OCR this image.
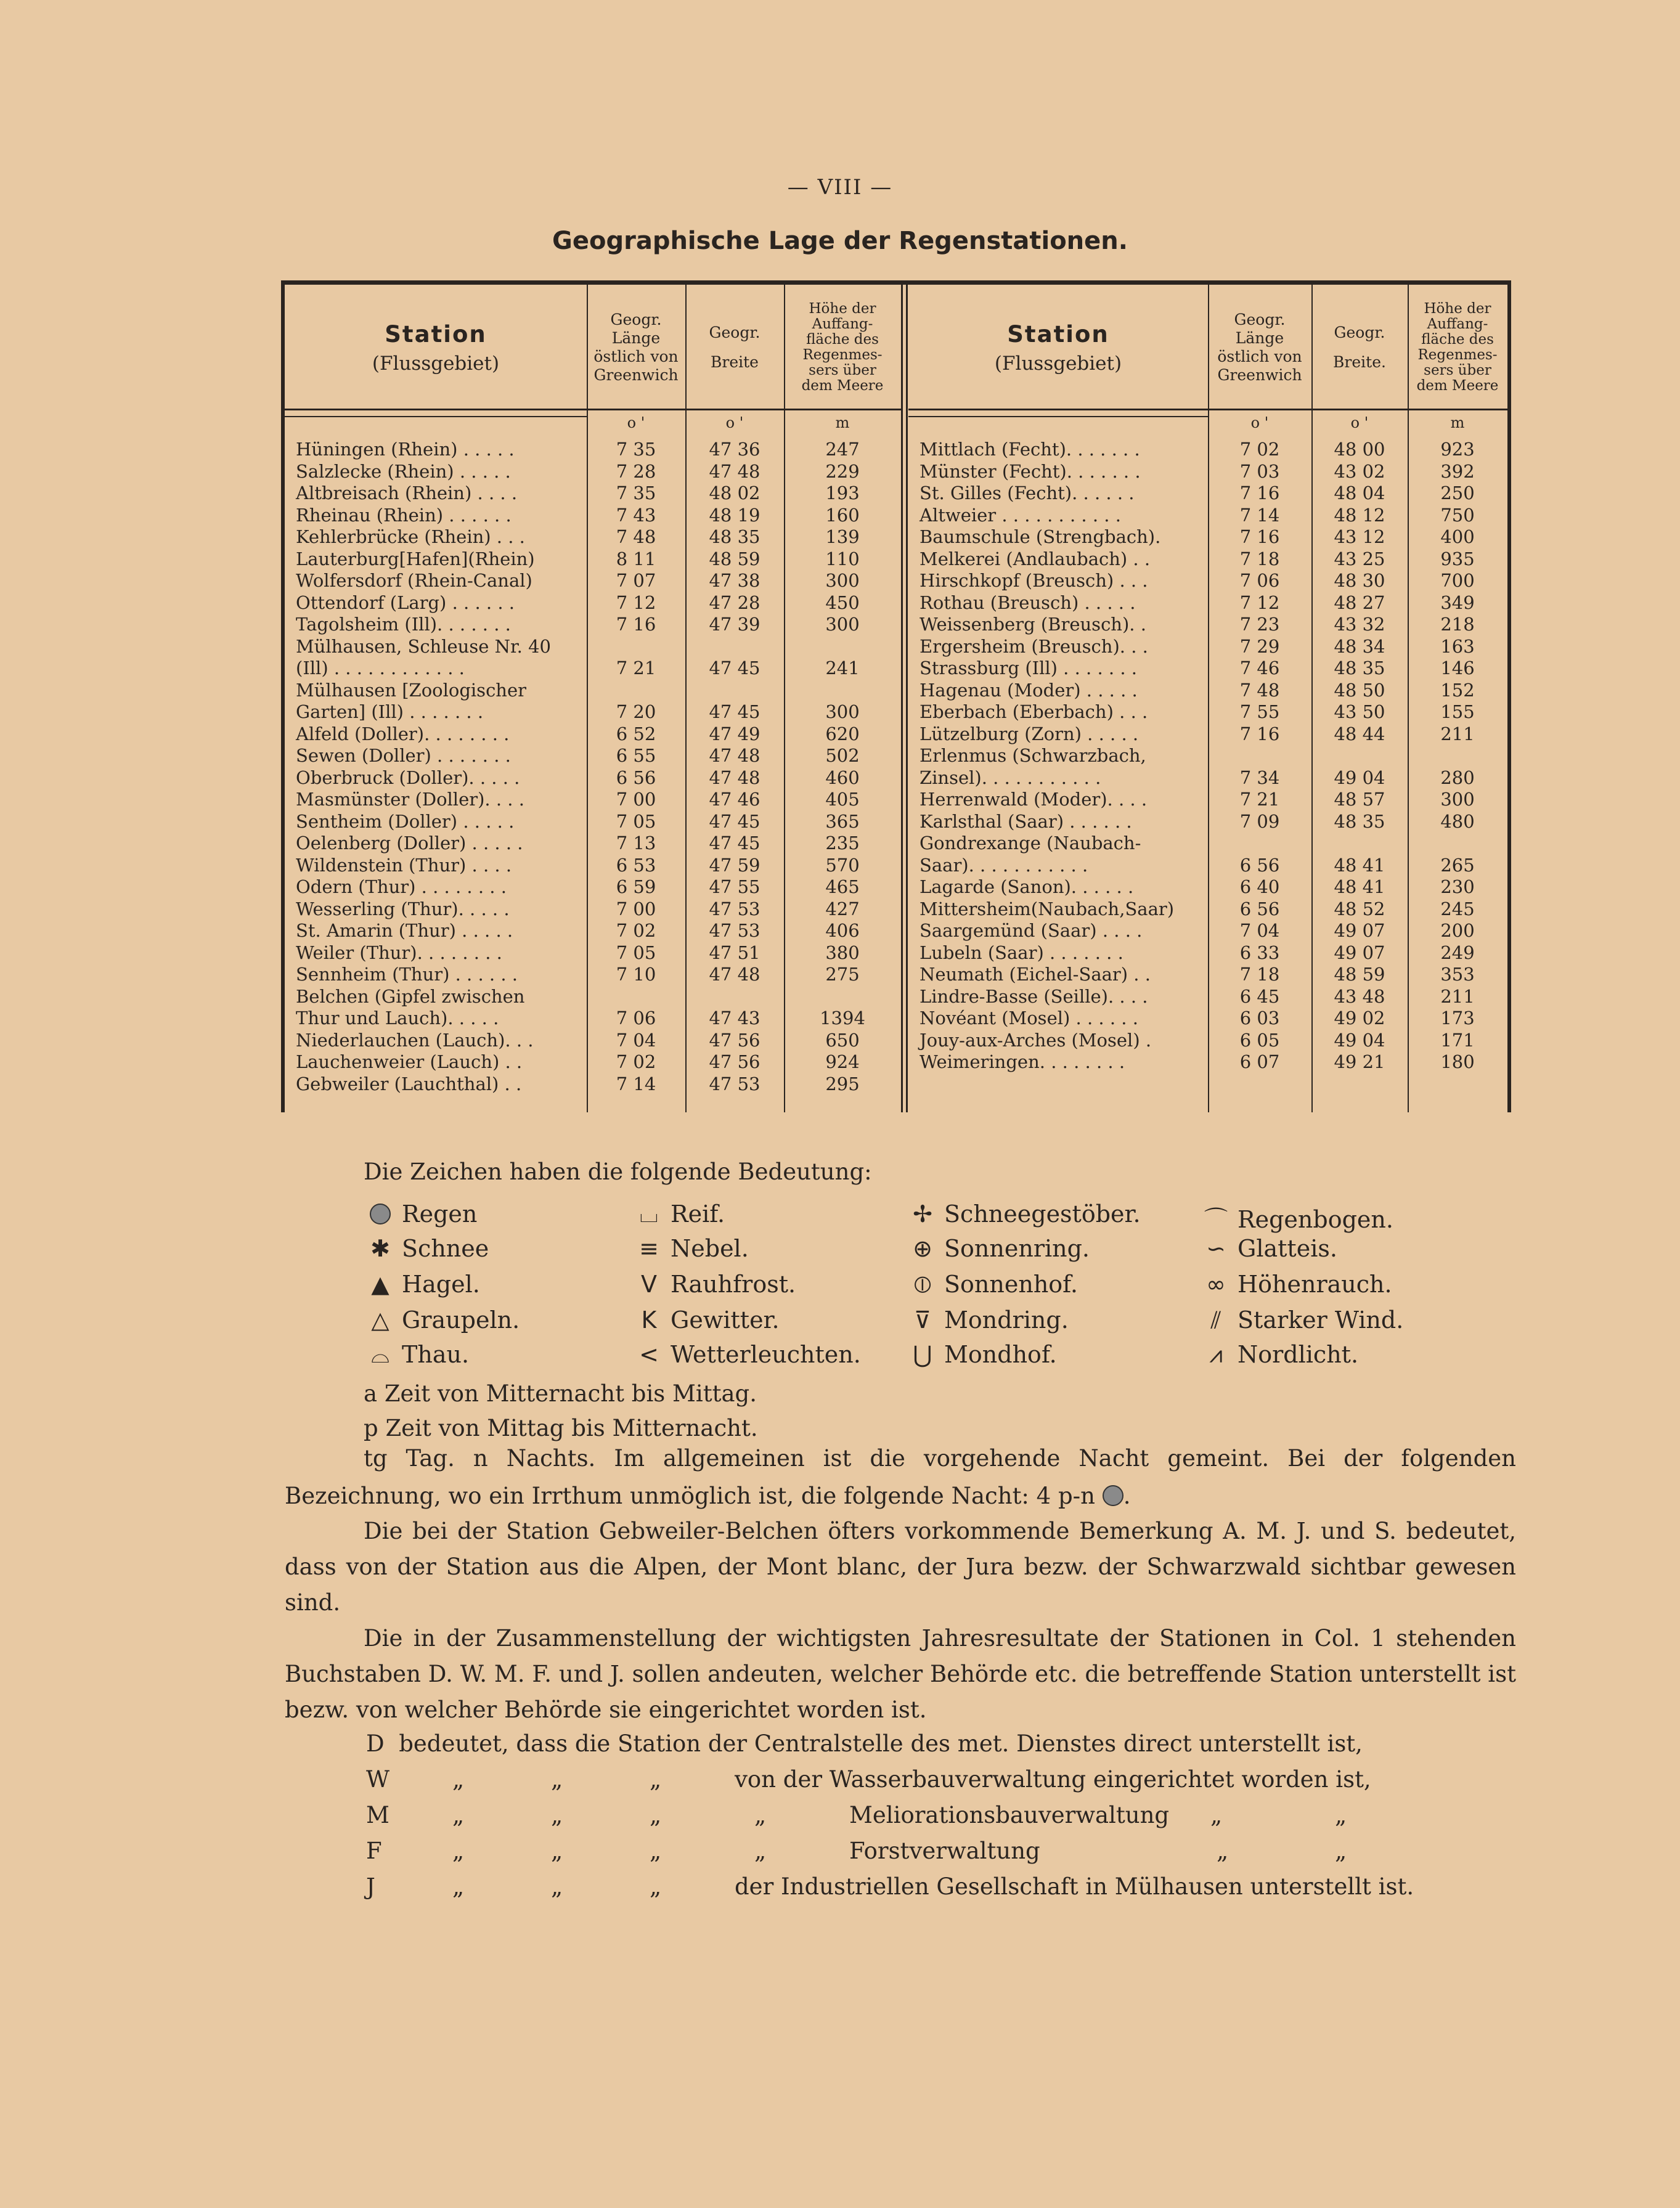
— VIII —
Geographische Lage der Regenstationen.
Station
(Flussgebiet)
Geogr.
Länge
östlich von
Greenwich
Geogr.
Breite
Höhe der
Auffang-
fläche des
Regenmes-
sers über
dem Meere
o '	o '	m
Hüningen (Rhein) . . . . .	7 35	47 36	247
Salzlecke (Rhein) . . . . .	7 28	47 48	229
Altbreisach (Rhein) . . . .	7 35	48 02	193
Rheinau (Rhein) . . . . . .	7 43	48 19	160
Kehlerbrücke (Rhein) . . .	7 48	48 35	139
Lauterburg[Hafen](Rhein)	8 11	48 59	110
Wolfersdorf (Rhein-Canal)	7 07	47 38	300
Ottendorf (Larg) . . . . . .	7 12	47 28	450
Tagolsheim (Ill). . . . . . .	7 16	47 39	300
Mülhausen, Schleuse Nr. 40
(Ill) . . . . . . . . . . . .	7 21	47 45	241
Mülhausen [Zoologischer
Garten] (Ill) . . . . . . .	7 20	47 45	300
Alfeld (Doller). . . . . . . .	6 52	47 49	620
Sewen (Doller) . . . . . . .	6 55	47 48	502
Oberbruck (Doller). . . . .	6 56	47 48	460
Masmünster (Doller). . . .	7 00	47 46	405
Sentheim (Doller) . . . . .	7 05	47 45	365
Oelenberg (Doller) . . . . .	7 13	47 45	235
Wildenstein (Thur) . . . .	6 53	47 59	570
Odern (Thur) . . . . . . . .	6 59	47 55	465
Wesserling (Thur). . . . .	7 00	47 53	427
St. Amarin (Thur) . . . . .	7 02	47 53	406
Weiler (Thur). . . . . . . .	7 05	47 51	380
Sennheim (Thur) . . . . . .	7 10	47 48	275
Belchen (Gipfel zwischen
Thur und Lauch). . . . .	7 06	47 43	1394
Niederlauchen (Lauch). . .	7 04	47 56	650
Lauchenweier (Lauch) . .	7 02	47 56	924
Gebweiler (Lauchthal) . .	7 14	47 53	295
Station
(Flussgebiet)
Geogr.
Länge
östlich von
Greenwich
Geogr.
Breite.
Höhe der
Auffang-
fläche des
Regenmes-
sers über
dem Meere
o '	o '	m
Mittlach (Fecht). . . . . . .	7 02	48 00	923
Münster (Fecht). . . . . . .	7 03	43 02	392
St. Gilles (Fecht). . . . . .	7 16	48 04	250
Altweier . . . . . . . . . . .	7 14	48 12	750
Baumschule (Strengbach).	7 16	43 12	400
Melkerei (Andlaubach) . .	7 18	43 25	935
Hirschkopf (Breusch) . . .	7 06	48 30	700
Rothau (Breusch) . . . . .	7 12	48 27	349
Weissenberg (Breusch). .	7 23	43 32	218
Ergersheim (Breusch). . .	7 29	48 34	163
Strassburg (Ill) . . . . . . .	7 46	48 35	146
Hagenau (Moder) . . . . .	7 48	48 50	152
Eberbach (Eberbach) . . .	7 55	43 50	155
Lützelburg (Zorn) . . . . .	7 16	48 44	211
Erlenmus (Schwarzbach,
Zinsel). . . . . . . . . . .	7 34	49 04	280
Herrenwald (Moder). . . .	7 21	48 57	300
Karlsthal (Saar) . . . . . .	7 09	48 35	480
Gondrexange (Naubach-
Saar). . . . . . . . . . .	6 56	48 41	265
Lagarde (Sanon). . . . . .	6 40	48 41	230
Mittersheim(Naubach,Saar)	6 56	48 52	245
Saargemünd (Saar) . . . .	7 04	49 07	200
Lubeln (Saar) . . . . . . .	6 33	49 07	249
Neumath (Eichel-Saar) . .	7 18	48 59	353
Lindre-Basse (Seille). . . .	6 45	43 48	211
Novéant (Mosel) . . . . . .	6 03	49 02	173
Jouy-aux-Arches (Mosel) .	6 05	49 04	171
Weimeringen. . . . . . . .	6 07	49 21	180
Die Zeichen haben die folgende Bedeutung:
Regen
✱ Schnee
▲ Hagel.
△ Graupeln.
⌓ Thau.
⌴ Reif.
≡ Nebel.
V Rauhfrost.
K Gewitter.
< Wetterleuchten.
✢ Schneegestöber.
⊕ Sonnenring.
⦶ Sonnenhof.
⊽ Mondring.
⋃ Mondhof.
⌒ Regenbogen.
∽ Glatteis.
∞ Höhenrauch.
⫽ Starker Wind.
⩘ Nordlicht.
a Zeit von Mitternacht bis Mittag.
p Zeit von Mittag bis Mitternacht.
tg Tag. n Nachts. Im allgemeinen ist die vorgehende Nacht gemeint. Bei der folgenden
Bezeichnung, wo ein Irrthum unmöglich ist, die folgende Nacht: 4 p-n .
Die bei der Station Gebweiler-Belchen öfters vorkommende Bemerkung A. M. J. und S. bedeutet, dass von der Station aus die Alpen, der Mont blanc, der Jura bezw. der Schwarzwald sichtbar gewesen sind.
Die in der Zusammenstellung der wichtigsten Jahresresultate der Stationen in Col. 1 stehenden Buchstaben D. W. M. F. und J. sollen andeuten, welcher Behörde etc. die betreffende Station unterstellt ist bezw. von welcher Behörde sie eingerichtet worden ist.
D bedeutet, dass die Station der Centralstelle des met. Dienstes direct unterstellt ist,
W	„	„	„	von der Wasserbauverwaltung eingerichtet worden ist,
M	„	„	„	„	Meliorationsbauverwaltung „	„
F	„	„	„	„	Forstverwaltung	„	„
J	„	„	„	der Industriellen Gesellschaft in Mülhausen unterstellt ist.
